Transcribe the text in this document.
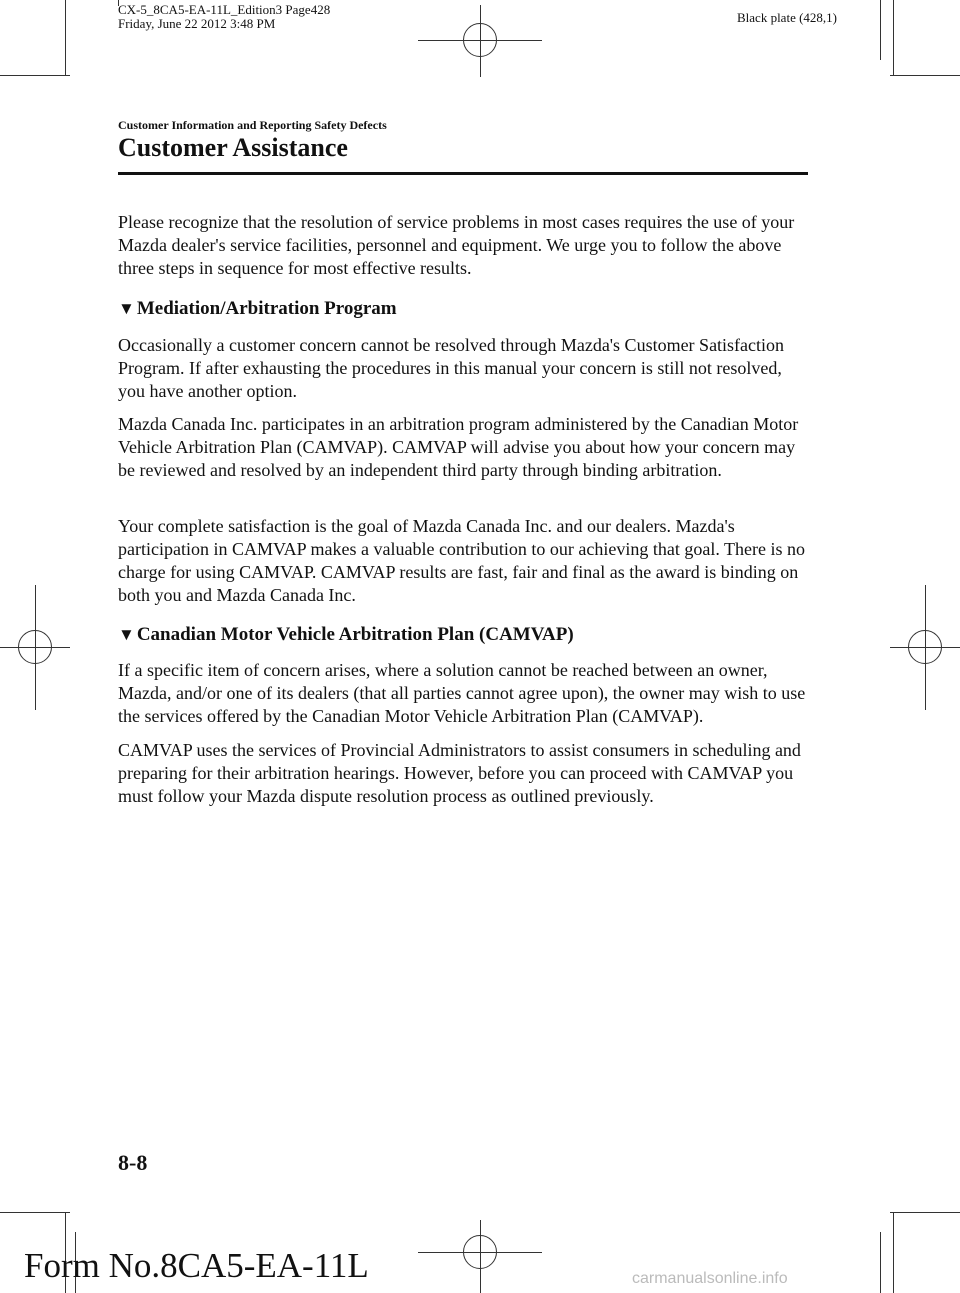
CX-5_8CA5-EA-11L_Edition3 Page428
Friday, June 22 2012 3:48 PM	Black plate (428,1)
Customer Information and Reporting Safety Defects
Customer Assistance

Please recognize that the resolution of service problems in most cases requires the use of your Mazda dealer's service facilities, personnel and equipment. We urge you to follow the above three steps in sequence for most effective results.

▼ Mediation/Arbitration Program

Occasionally a customer concern cannot be resolved through Mazda's Customer Satisfaction Program. If after exhausting the procedures in this manual your concern is still not resolved, you have another option.

Mazda Canada Inc. participates in an arbitration program administered by the Canadian Motor Vehicle Arbitration Plan (CAMVAP). CAMVAP will advise you about how your concern may be reviewed and resolved by an independent third party through binding arbitration.

Your complete satisfaction is the goal of Mazda Canada Inc. and our dealers. Mazda's participation in CAMVAP makes a valuable contribution to our achieving that goal. There is no charge for using CAMVAP. CAMVAP results are fast, fair and final as the award is binding on both you and Mazda Canada Inc.

▼ Canadian Motor Vehicle Arbitration Plan (CAMVAP)

If a specific item of concern arises, where a solution cannot be reached between an owner, Mazda, and/or one of its dealers (that all parties cannot agree upon), the owner may wish to use the services offered by the Canadian Motor Vehicle Arbitration Plan (CAMVAP).

CAMVAP uses the services of Provincial Administrators to assist consumers in scheduling and preparing for their arbitration hearings. However, before you can proceed with CAMVAP you must follow your Mazda dispute resolution process as outlined previously.

8-8
Form No.8CA5-EA-11L	carmanualsonline.info
